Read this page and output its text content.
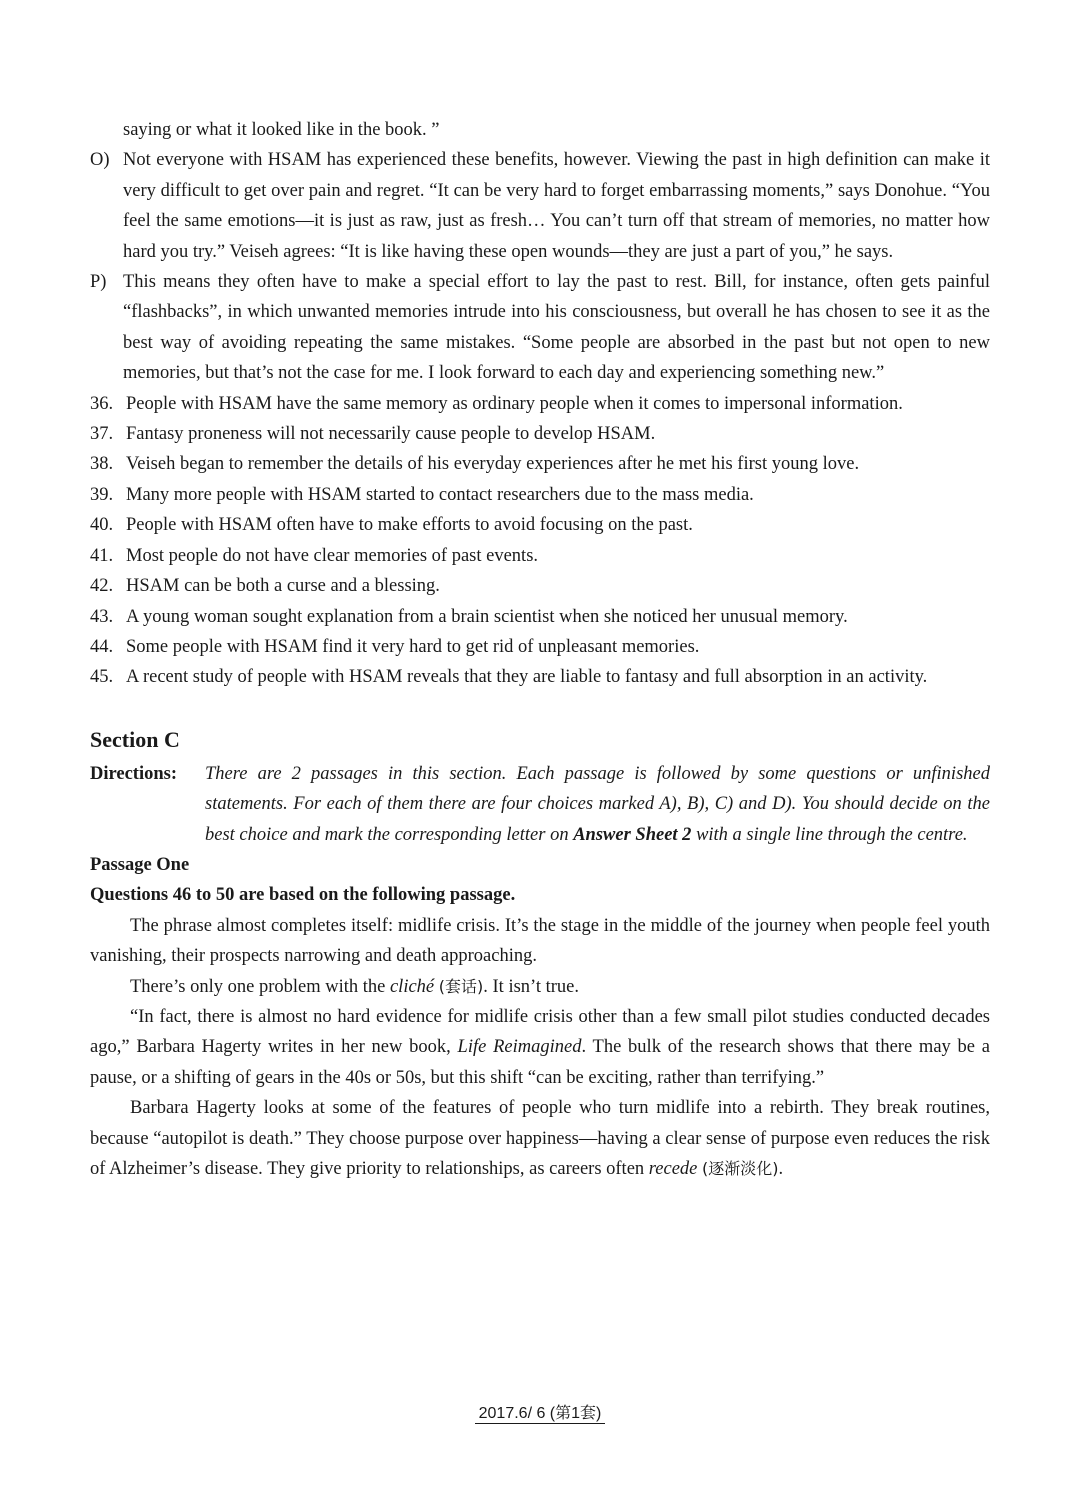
saying or what it looked like in the book. ”
O) Not everyone with HSAM has experienced these benefits, however. Viewing the past in high definition can make it very difficult to get over pain and regret. “It can be very hard to forget embarrassing moments,” says Donohue. “You feel the same emotions—it is just as raw, just as fresh… You can’t turn off that stream of memories, no matter how hard you try.” Veiseh agrees: “It is like having these open wounds—they are just a part of you,” he says.
P) This means they often have to make a special effort to lay the past to rest. Bill, for instance, often gets painful “flashbacks”, in which unwanted memories intrude into his consciousness, but overall he has chosen to see it as the best way of avoiding repeating the same mistakes. “Some people are absorbed in the past but not open to new memories, but that’s not the case for me. I look forward to each day and experiencing something new.”
36. People with HSAM have the same memory as ordinary people when it comes to impersonal information.
37. Fantasy proneness will not necessarily cause people to develop HSAM.
38. Veiseh began to remember the details of his everyday experiences after he met his first young love.
39. Many more people with HSAM started to contact researchers due to the mass media.
40. People with HSAM often have to make efforts to avoid focusing on the past.
41. Most people do not have clear memories of past events.
42. HSAM can be both a curse and a blessing.
43. A young woman sought explanation from a brain scientist when she noticed her unusual memory.
44. Some people with HSAM find it very hard to get rid of unpleasant memories.
45. A recent study of people with HSAM reveals that they are liable to fantasy and full absorption in an activity.
Section C
Directions: There are 2 passages in this section. Each passage is followed by some questions or unfinished statements. For each of them there are four choices marked A), B), C) and D). You should decide on the best choice and mark the corresponding letter on Answer Sheet 2 with a single line through the centre.
Passage One
Questions 46 to 50 are based on the following passage.
The phrase almost completes itself: midlife crisis. It’s the stage in the middle of the journey when people feel youth vanishing, their prospects narrowing and death approaching.
There’s only one problem with the cliché (套话). It isn’t true.
“In fact, there is almost no hard evidence for midlife crisis other than a few small pilot studies conducted decades ago,” Barbara Hagerty writes in her new book, Life Reimagined. The bulk of the research shows that there may be a pause, or a shifting of gears in the 40s or 50s, but this shift “can be exciting, rather than terrifying.”
Barbara Hagerty looks at some of the features of people who turn midlife into a rebirth. They break routines, because “autopilot is death.” They choose purpose over happiness—having a clear sense of purpose even reduces the risk of Alzheimer’s disease. They give priority to relationships, as careers often recede (逐渐淡化).
2017.6/ 6 (第1套)
